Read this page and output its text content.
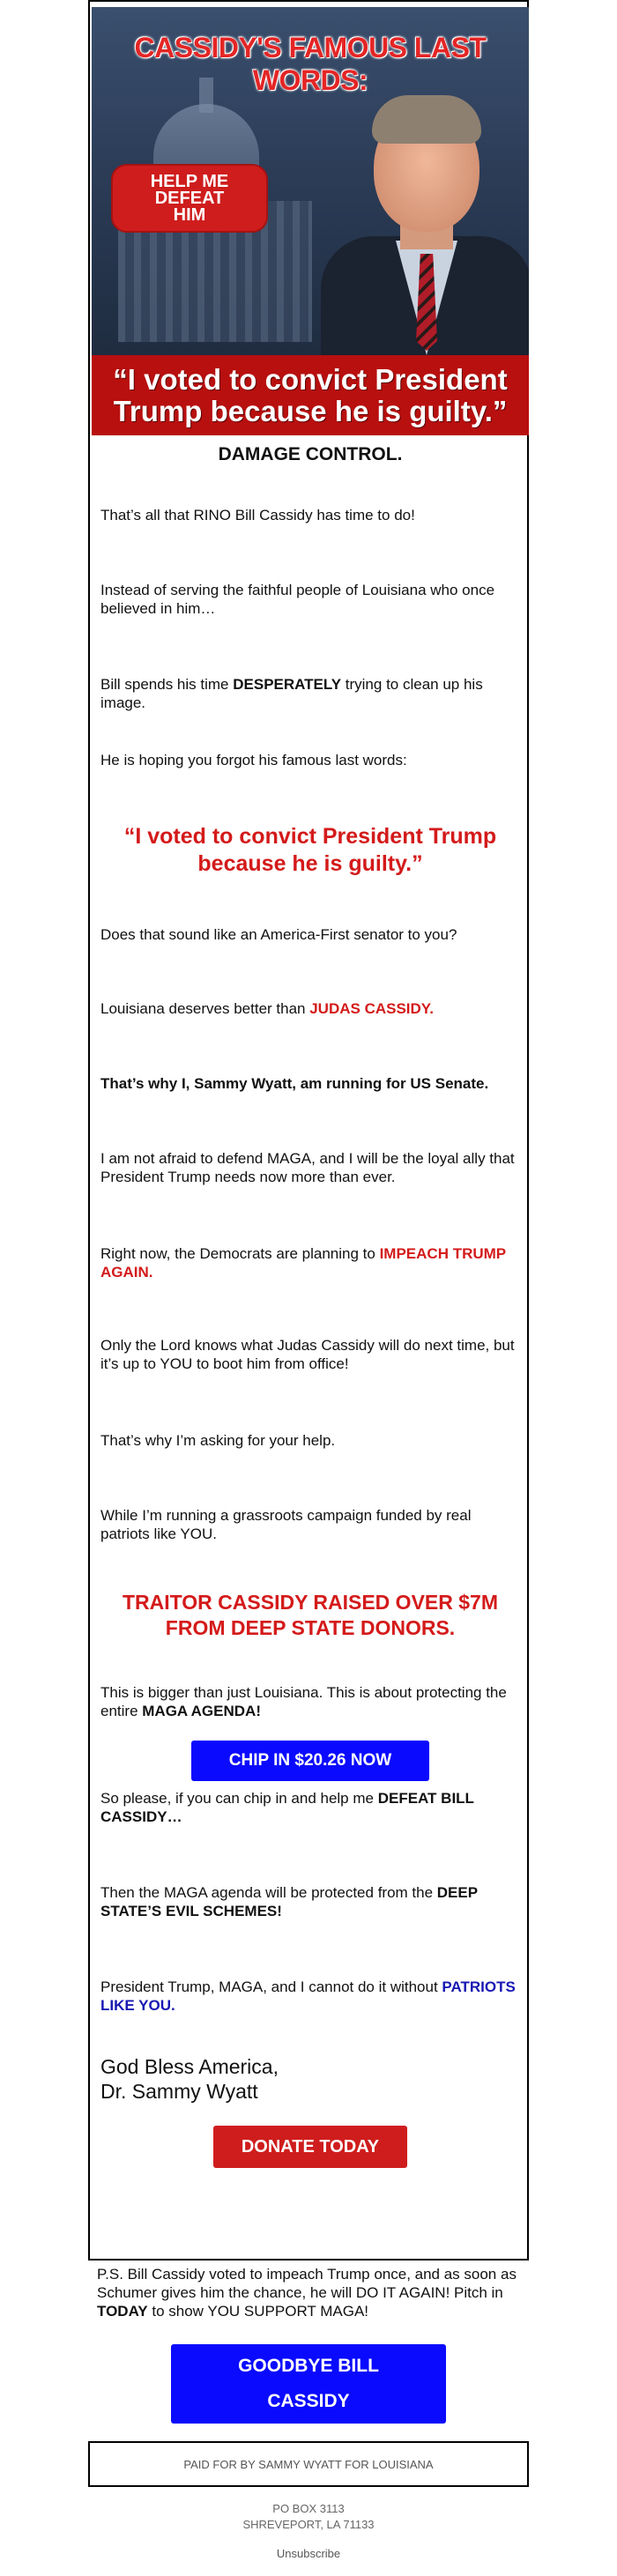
CASSIDY'S FAMOUS LAST WORDS:
HELP ME
DEFEAT
HIM
“I voted to convict President Trump because he is guilty.”
DAMAGE CONTROL.

That’s all that RINO Bill Cassidy has time to do!

Instead of serving the faithful people of Louisiana who once believed in him…

Bill spends his time DESPERATELY trying to clean up his image.

He is hoping you forgot his famous last words:

“I voted to convict President Trump because he is guilty.”

Does that sound like an America-First senator to you?

Louisiana deserves better than JUDAS CASSIDY.

That’s why I, Sammy Wyatt, am running for US Senate.

I am not afraid to defend MAGA, and I will be the loyal ally that President Trump needs now more than ever.

Right now, the Democrats are planning to IMPEACH TRUMP AGAIN.

Only the Lord knows what Judas Cassidy will do next time, but it’s up to YOU to boot him from office!

That’s why I’m asking for your help.

While I’m running a grassroots campaign funded by real patriots like YOU.

TRAITOR CASSIDY RAISED OVER $7M FROM DEEP STATE DONORS.

This is bigger than just Louisiana. This is about protecting the entire MAGA AGENDA!

CHIP IN $20.26 NOW

So please, if you can chip in and help me DEFEAT BILL CASSIDY…

Then the MAGA agenda will be protected from the DEEP STATE’S EVIL SCHEMES!

President Trump, MAGA, and I cannot do it without PATRIOTS LIKE YOU.

God Bless America,
Dr. Sammy Wyatt
DONATE TODAY

P.S. Bill Cassidy voted to impeach Trump once, and as soon as Schumer gives him the chance, he will DO IT AGAIN! Pitch in TODAY to show YOU SUPPORT MAGA!

GOODBYE BILL CASSIDY
PAID FOR BY SAMMY WYATT FOR LOUISIANA
PO BOX 3113
SHREVEPORT, LA 71133
Unsubscribe
